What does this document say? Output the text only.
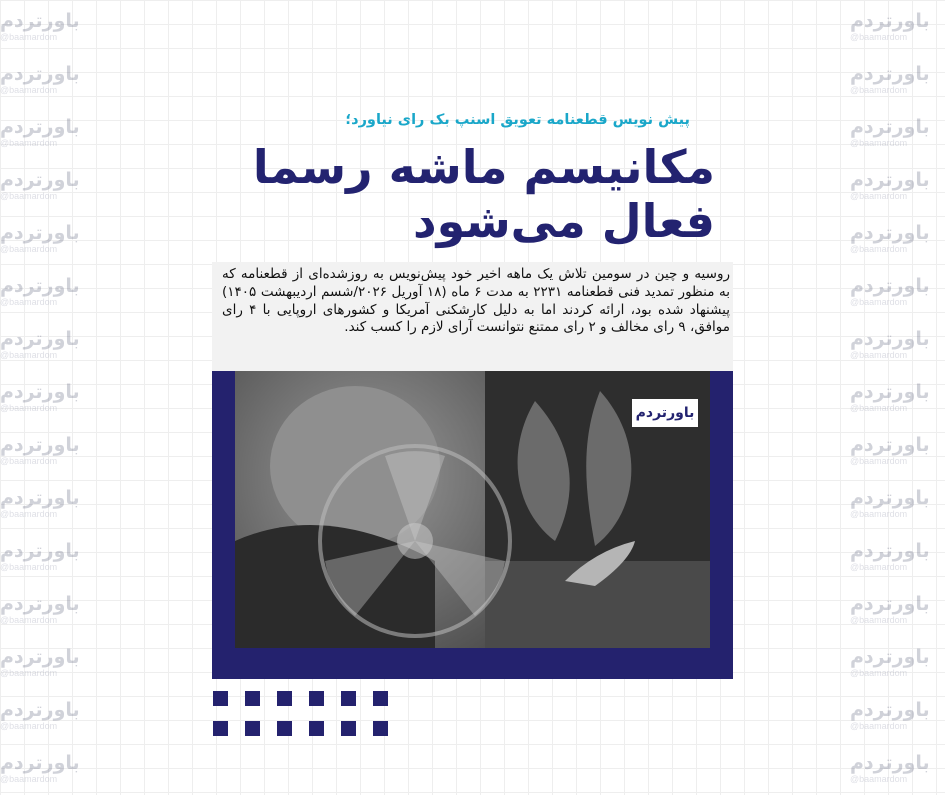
باورتردم
@baamardom
باورتردم
@baamardom
باورتردم
@baamardom
باورتردم
@baamardom
باورتردم
@baamardom
باورتردم
@baamardom
باورتردم
@baamardom
باورتردم
@baamardom
باورتردم
@baamardom
باورتردم
@baamardom
باورتردم
@baamardom
باورتردم
@baamardom
باورتردم
@baamardom
باورتردم
@baamardom
باورتردم
@baamardom
باورتردم
@baamardom
باورتردم
@baamardom
باورتردم
@baamardom
باورتردم
@baamardom
باورتردم
@baamardom
باورتردم
@baamardom
باورتردم
@baamardom
باورتردم
@baamardom
باورتردم
@baamardom
باورتردم
@baamardom
باورتردم
@baamardom
باورتردم
@baamardom
باورتردم
@baamardom
باورتردم
@baamardom
باورتردم
@baamardom
پیش نویس قطعنامه تعویق اسنپ بک رای نیاورد؛
مکانیسم ماشه رسما فعال می‌شود
روسیه و چین در سومین تلاش یک ماهه اخیر خود پیش‌نویس به روزشده‌ای از قطعنامه که به منظور تمدید فنی قطعنامه ۲۲۳۱ به مدت ۶ ماه (۱۸ آوریل ۲۰۲۶/شسم اردیبهشت ۱۴۰۵) پیشنهاد شده بود، ارائه کردند اما به دلیل کارشکنی آمریکا و کشورهای اروپایی با ۴ رای موافق، ۹ رای مخالف و ۲ رای ممتنع نتوانست آرای لازم را کسب کند.
باورتردم
